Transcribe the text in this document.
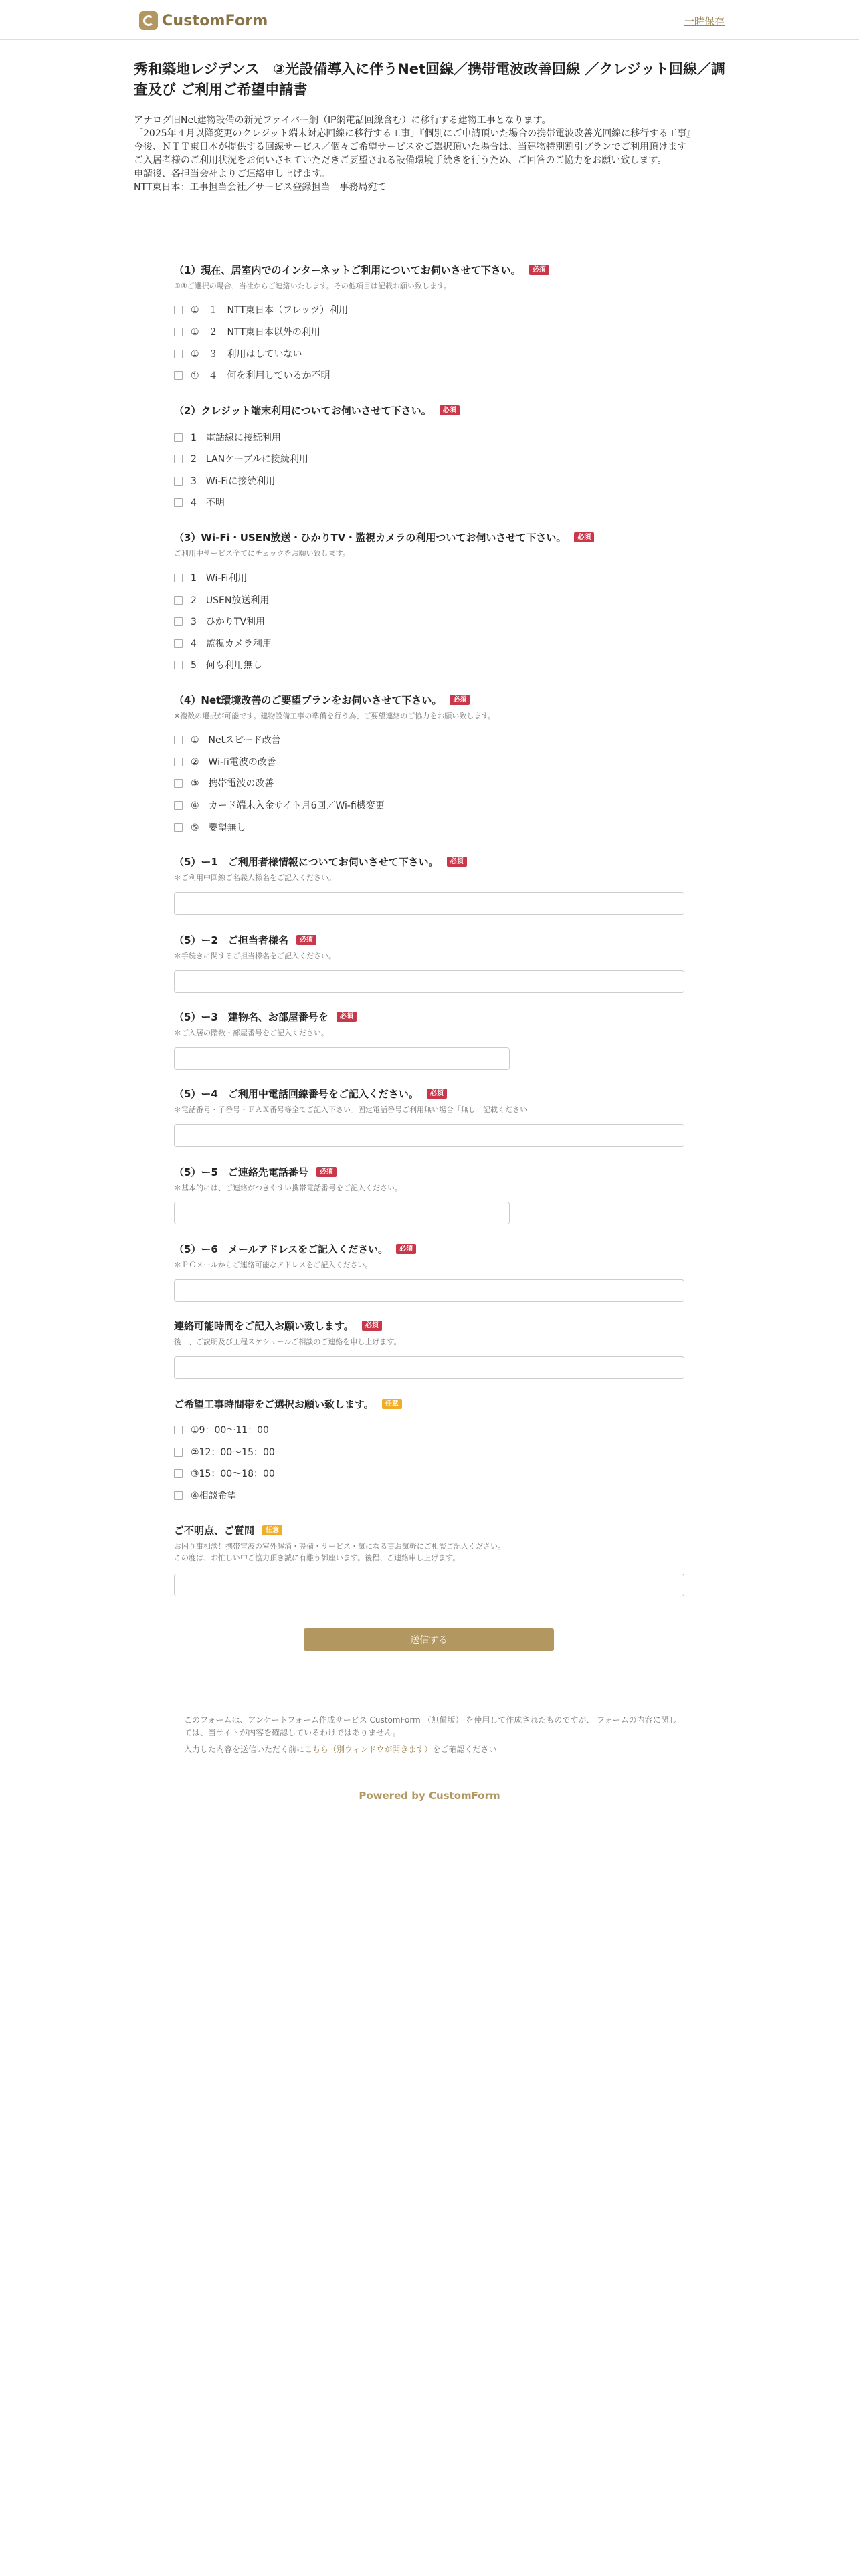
CustomForm	一時保存
秀和築地レジデンス　③光設備導入に伴うNet回線／携帯電波改善回線 ／クレジット回線／調査及び ご利用ご希望申請書

アナログ旧Net建物設備の新光ファイバー網（IP網電話回線含む）に移行する建物工事となります。

「2025年４月以降変更のクレジット端末対応回線に移行する工事」『個別にご申請頂いた場合の携帯電波改善光回線に移行する工事』

今後、ＮＴＴ東日本が提供する回線サービス／個々ご希望サービスをご選択頂いた場合は、当建物特別割引プランでご利用頂けます

ご入居者様のご利用状況をお伺いさせていただきご要望される設備環境手続きを行うため、ご回答のご協力をお願い致します。

申請後、各担当会社よりご連絡申し上げます。

NTT東日本：工事担当会社／サービス登録担当　事務局宛て

（1）現在、居室内でのインターネットご利用についてお伺いさせて下さい。	必須
①④ご選択の場合、当社からご連絡いたします。その他項目は記載お願い致します。
①　１　NTT東日本（フレッツ）利用
①　２　NTT東日本以外の利用
①　３　利用はしていない
①　４　何を利用しているか不明
（2）クレジット端末利用についてお伺いさせて下さい。	必須
1　電話線に接続利用
2　LANケーブルに接続利用
3　Wi-Fiに接続利用
4　不明
（3）Wi-Fi・USEN放送・ひかりTV・監視カメラの利用ついてお伺いさせて下さい。	必須
ご利用中サービス全てにチェックをお願い致します。
1　Wi-Fi利用
2　USEN放送利用
3　ひかりTV利用
4　監視カメラ利用
5　何も利用無し
（4）Net環境改善のご要望プランをお伺いさせて下さい。	必須
※複数の選択が可能です。建物設備工事の準備を行う為、ご要望連絡のご協力をお願い致します。
①　Netスピード改善
②　Wi-fi電波の改善
③　携帯電波の改善
④　カード端末入金サイト月6回／Wi-fi機変更
⑤　要望無し
（5）ー1　ご利用者様情報についてお伺いさせて下さい。	必須
＊ご利用中回線ご名義人様名をご記入ください。
（5）ー2　ご担当者様名	必須
＊手続きに関するご担当様名をご記入ください。
（5）ー3　建物名、お部屋番号を	必須
＊ご入居の階数・部屋番号をご記入ください。
（5）ー4　ご利用中電話回線番号をご記入ください。	必須
＊電話番号・子番号・ＦＡＸ番号等全てご記入下さい。固定電話番号ご利用無い場合「無し」記載ください
（5）ー5　ご連絡先電話番号	必須
＊基本的には、ご連絡がつきやすい携帯電話番号をご記入ください。
（5）ー6　メールアドレスをご記入ください。	必須
＊ＰＣメールからご連絡可能なアドレスをご記入ください。
連絡可能時間をご記入お願い致します。	必須
後日、ご説明及び工程スケジュールご相談のご連絡を申し上げます。
ご希望工事時間帯をご選択お願い致します。	任意
①9：00〜11：00
②12：00〜15：00
③15：00〜18：00
④相談希望
ご不明点、ご質問	任意
お困り事相談！携帯電波の室外解消・設備・サービス・気になる事お気軽にご相談ご記入ください。
この度は、お忙しい中ご協力頂き誠に有難う御座います。後程、ご連絡申し上げます。
送信する

このフォームは、アンケートフォーム作成サービス CustomForm （無償版） を使用して作成されたものですが、 フォームの内容に関しては、当サイトが内容を確認しているわけではありません。

入力した内容を送信いただく前にこちら（別ウィンドウが開きます）をご確認ください

Powered by CustomForm
